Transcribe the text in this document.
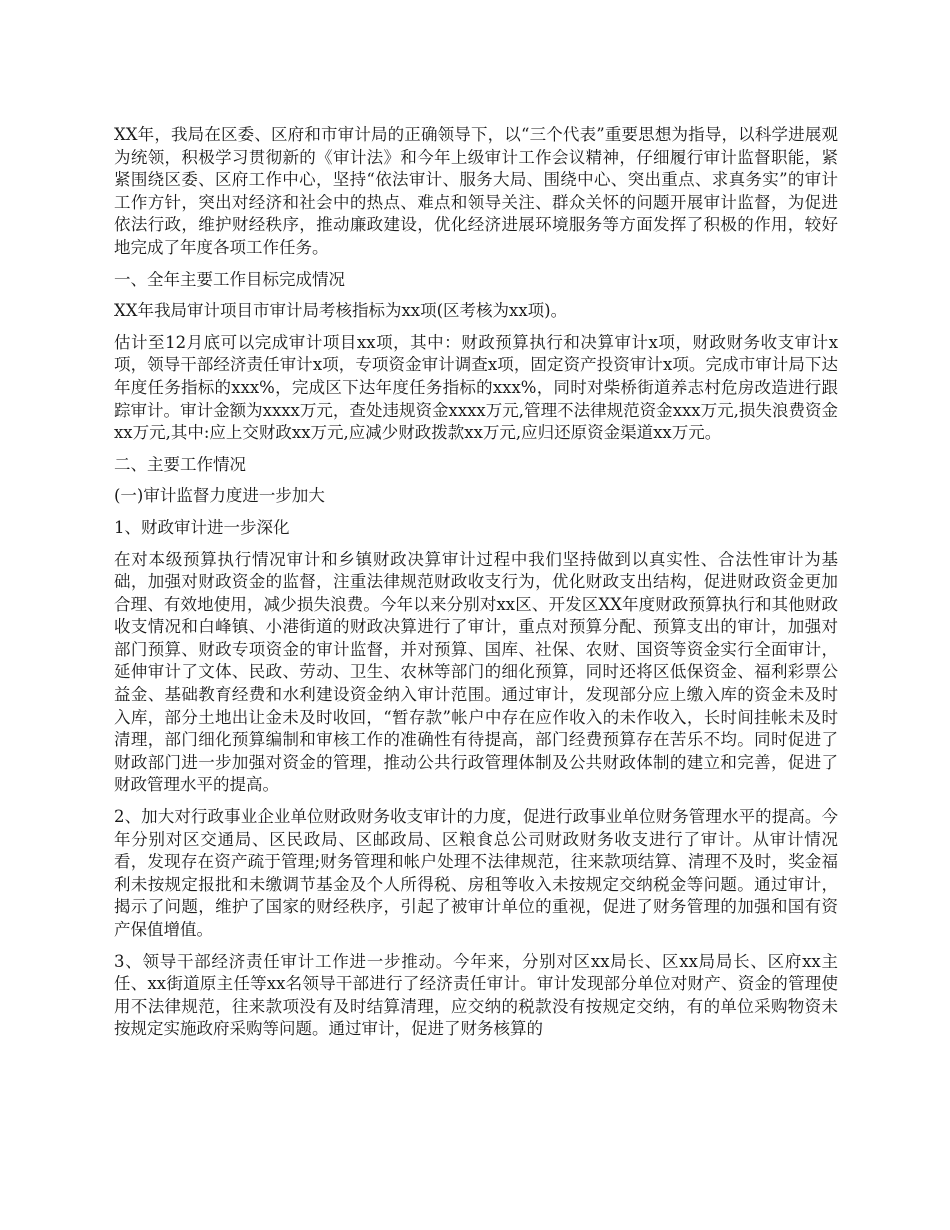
XX年，我局在区委、区府和市审计局的正确领导下，以“三个代表”重要思想为指导，以科学进展观为统领，积极学习贯彻新的《审计法》和今年上级审计工作会议精神，仔细履行审计监督职能，紧紧围绕区委、区府工作中心，坚持“依法审计、服务大局、围绕中心、突出重点、求真务实”的审计工作方针，突出对经济和社会中的热点、难点和领导关注、群众关怀的问题开展审计监督，为促进依法行政，维护财经秩序，推动廉政建设，优化经济进展环境服务等方面发挥了积极的作用，较好地完成了年度各项工作任务。

一、全年主要工作目标完成情况

XX年我局审计项目市审计局考核指标为xx项(区考核为xx项)。

估计至12月底可以完成审计项目xx项，其中：财政预算执行和决算审计x项，财政财务收支审计x项，领导干部经济责任审计x项，专项资金审计调查x项，固定资产投资审计x项。完成市审计局下达年度任务指标的xxx%，完成区下达年度任务指标的xxx%，同时对柴桥街道养志村危房改造进行跟踪审计。审计金额为xxxx万元，查处违规资金xxxx万元,管理不法律规范资金xxx万元,损失浪费资金xx万元,其中:应上交财政xx万元,应减少财政拨款xx万元,应归还原资金渠道xx万元。

二、主要工作情况

(一)审计监督力度进一步加大

1、财政审计进一步深化

在对本级预算执行情况审计和乡镇财政决算审计过程中我们坚持做到以真实性、合法性审计为基础，加强对财政资金的监督，注重法律规范财政收支行为，优化财政支出结构，促进财政资金更加合理、有效地使用，减少损失浪费。今年以来分别对xx区、开发区XX年度财政预算执行和其他财政收支情况和白峰镇、小港街道的财政决算进行了审计，重点对预算分配、预算支出的审计，加强对部门预算、财政专项资金的审计监督，并对预算、国库、社保、农财、国资等资金实行全面审计，延伸审计了文体、民政、劳动、卫生、农林等部门的细化预算，同时还将区低保资金、福利彩票公益金、基础教育经费和水利建设资金纳入审计范围。通过审计，发现部分应上缴入库的资金未及时入库，部分土地出让金未及时收回，“暂存款”帐户中存在应作收入的未作收入，长时间挂帐未及时清理，部门细化预算编制和审核工作的准确性有待提高，部门经费预算存在苦乐不均。同时促进了财政部门进一步加强对资金的管理，推动公共行政管理体制及公共财政体制的建立和完善，促进了财政管理水平的提高。

2、加大对行政事业企业单位财政财务收支审计的力度，促进行政事业单位财务管理水平的提高。今年分别对区交通局、区民政局、区邮政局、区粮食总公司财政财务收支进行了审计。从审计情况看，发现存在资产疏于管理;财务管理和帐户处理不法律规范，往来款项结算、清理不及时，奖金福利未按规定报批和未缴调节基金及个人所得税、房租等收入未按规定交纳税金等问题。通过审计，揭示了问题，维护了国家的财经秩序，引起了被审计单位的重视，促进了财务管理的加强和国有资产保值增值。

3、领导干部经济责任审计工作进一步推动。今年来，分别对区xx局长、区xx局局长、区府xx主任、xx街道原主任等xx名领导干部进行了经济责任审计。审计发现部分单位对财产、资金的管理使用不法律规范，往来款项没有及时结算清理，应交纳的税款没有按规定交纳，有的单位采购物资未按规定实施政府采购等问题。通过审计，促进了财务核算的
